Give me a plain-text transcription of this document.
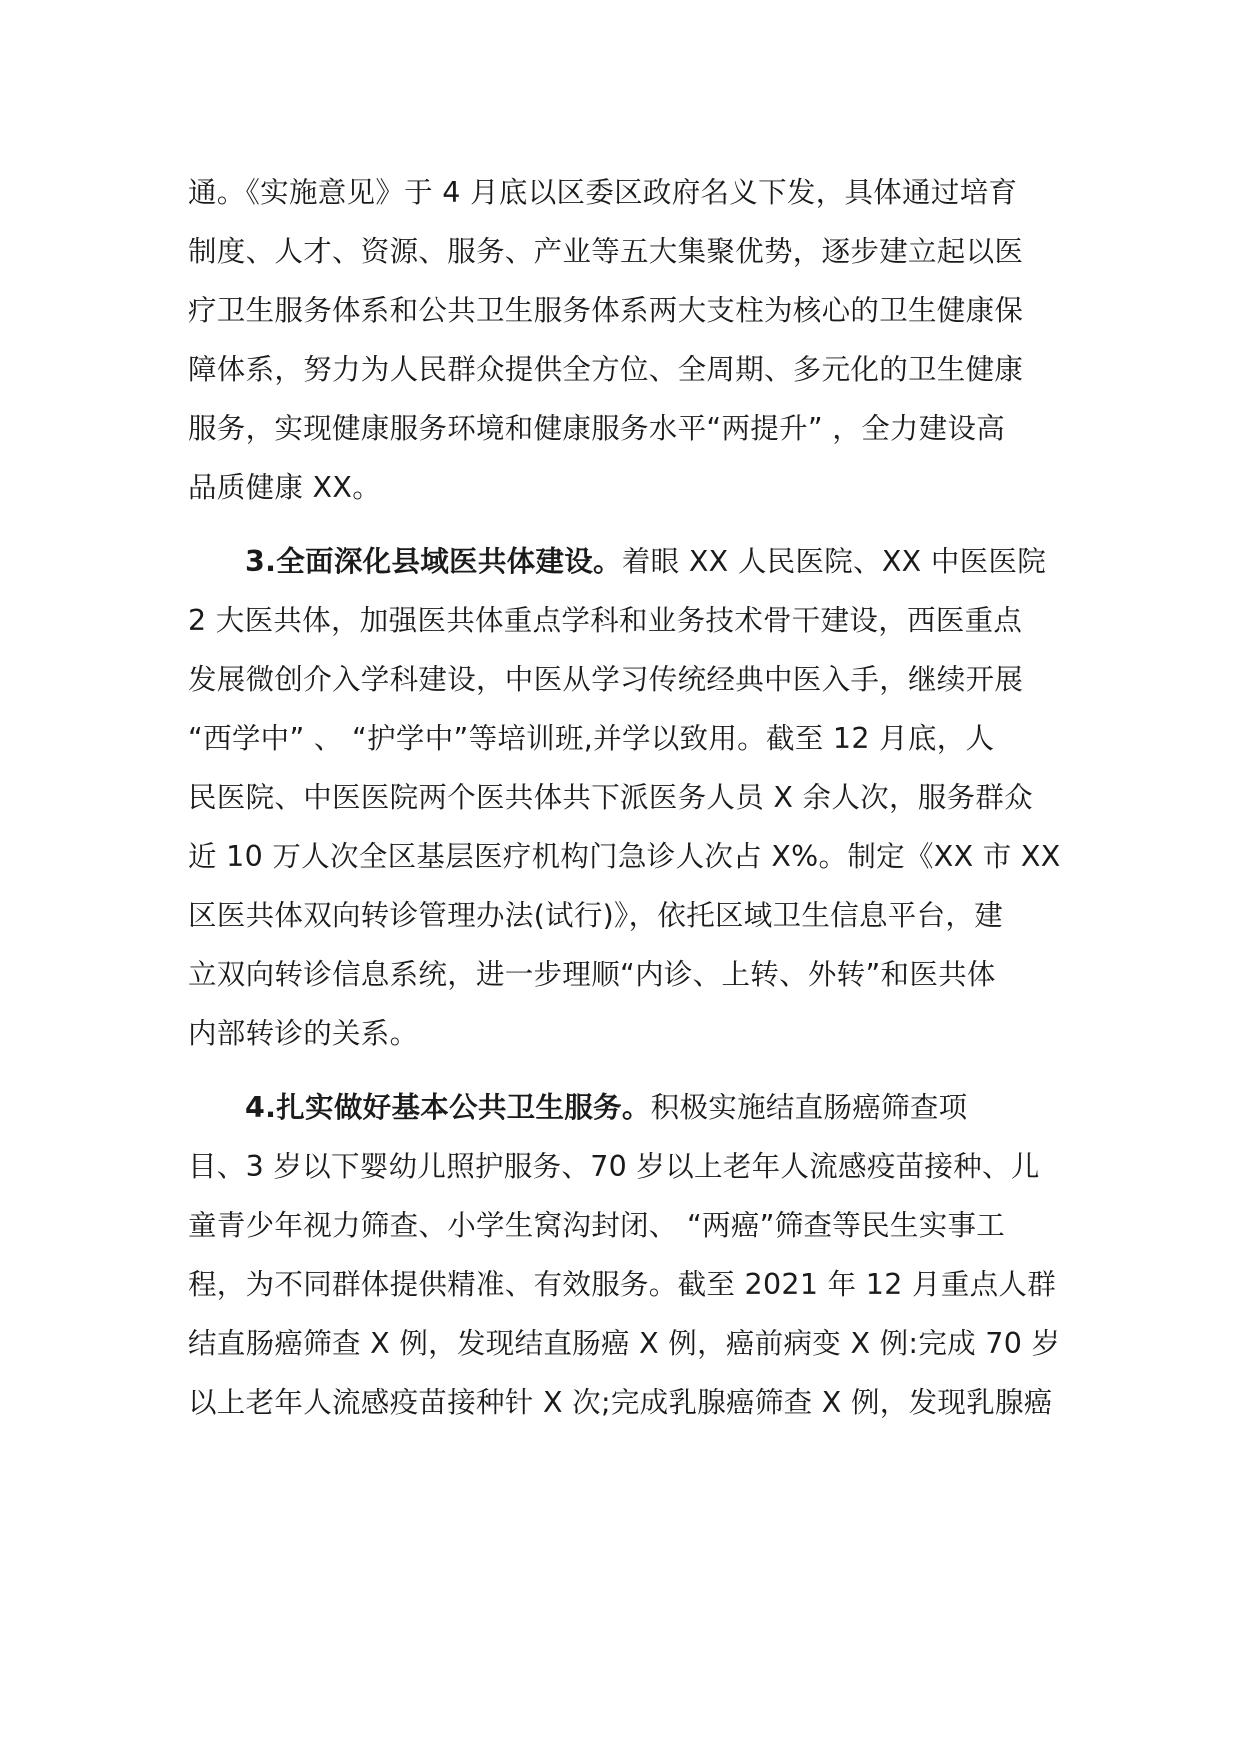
通。《实施意见》于 4 月底以区委区政府名义下发，具体通过培育
制度、人才、资源、服务、产业等五大集聚优势，逐步建立起以医
疗卫生服务体系和公共卫生服务体系两大支柱为核心的卫生健康保
障体系，努力为人民群众提供全方位、全周期、多元化的卫生健康
服务，实现健康服务环境和健康服务水平“两提升” ，全力建设高
品质健康 XX。
3.全面深化县域医共体建设。着眼 XX 人民医院、XX 中医医院
2 大医共体，加强医共体重点学科和业务技术骨干建设，西医重点
发展微创介入学科建设，中医从学习传统经典中医入手，继续开展
“西学中” 、 “护学中”等培训班,并学以致用。截至 12 月底，人
民医院、中医医院两个医共体共下派医务人员 X 余人次，服务群众
近 10 万人次全区基层医疗机构门急诊人次占 X%。制定《XX 市 XX
区医共体双向转诊管理办法(试行)》，依托区域卫生信息平台，建
立双向转诊信息系统，进一步理顺“内诊、上转、外转”和医共体
内部转诊的关系。
4.扎实做好基本公共卫生服务。积极实施结直肠癌筛查项
目、3 岁以下婴幼儿照护服务、70 岁以上老年人流感疫苗接种、儿
童青少年视力筛查、小学生窝沟封闭、 “两癌”筛查等民生实事工
程，为不同群体提供精准、有效服务。截至 2021 年 12 月重点人群
结直肠癌筛查 X 例，发现结直肠癌 X 例，癌前病变 X 例:完成 70 岁
以上老年人流感疫苗接种针 X 次;完成乳腺癌筛查 X 例，发现乳腺癌
